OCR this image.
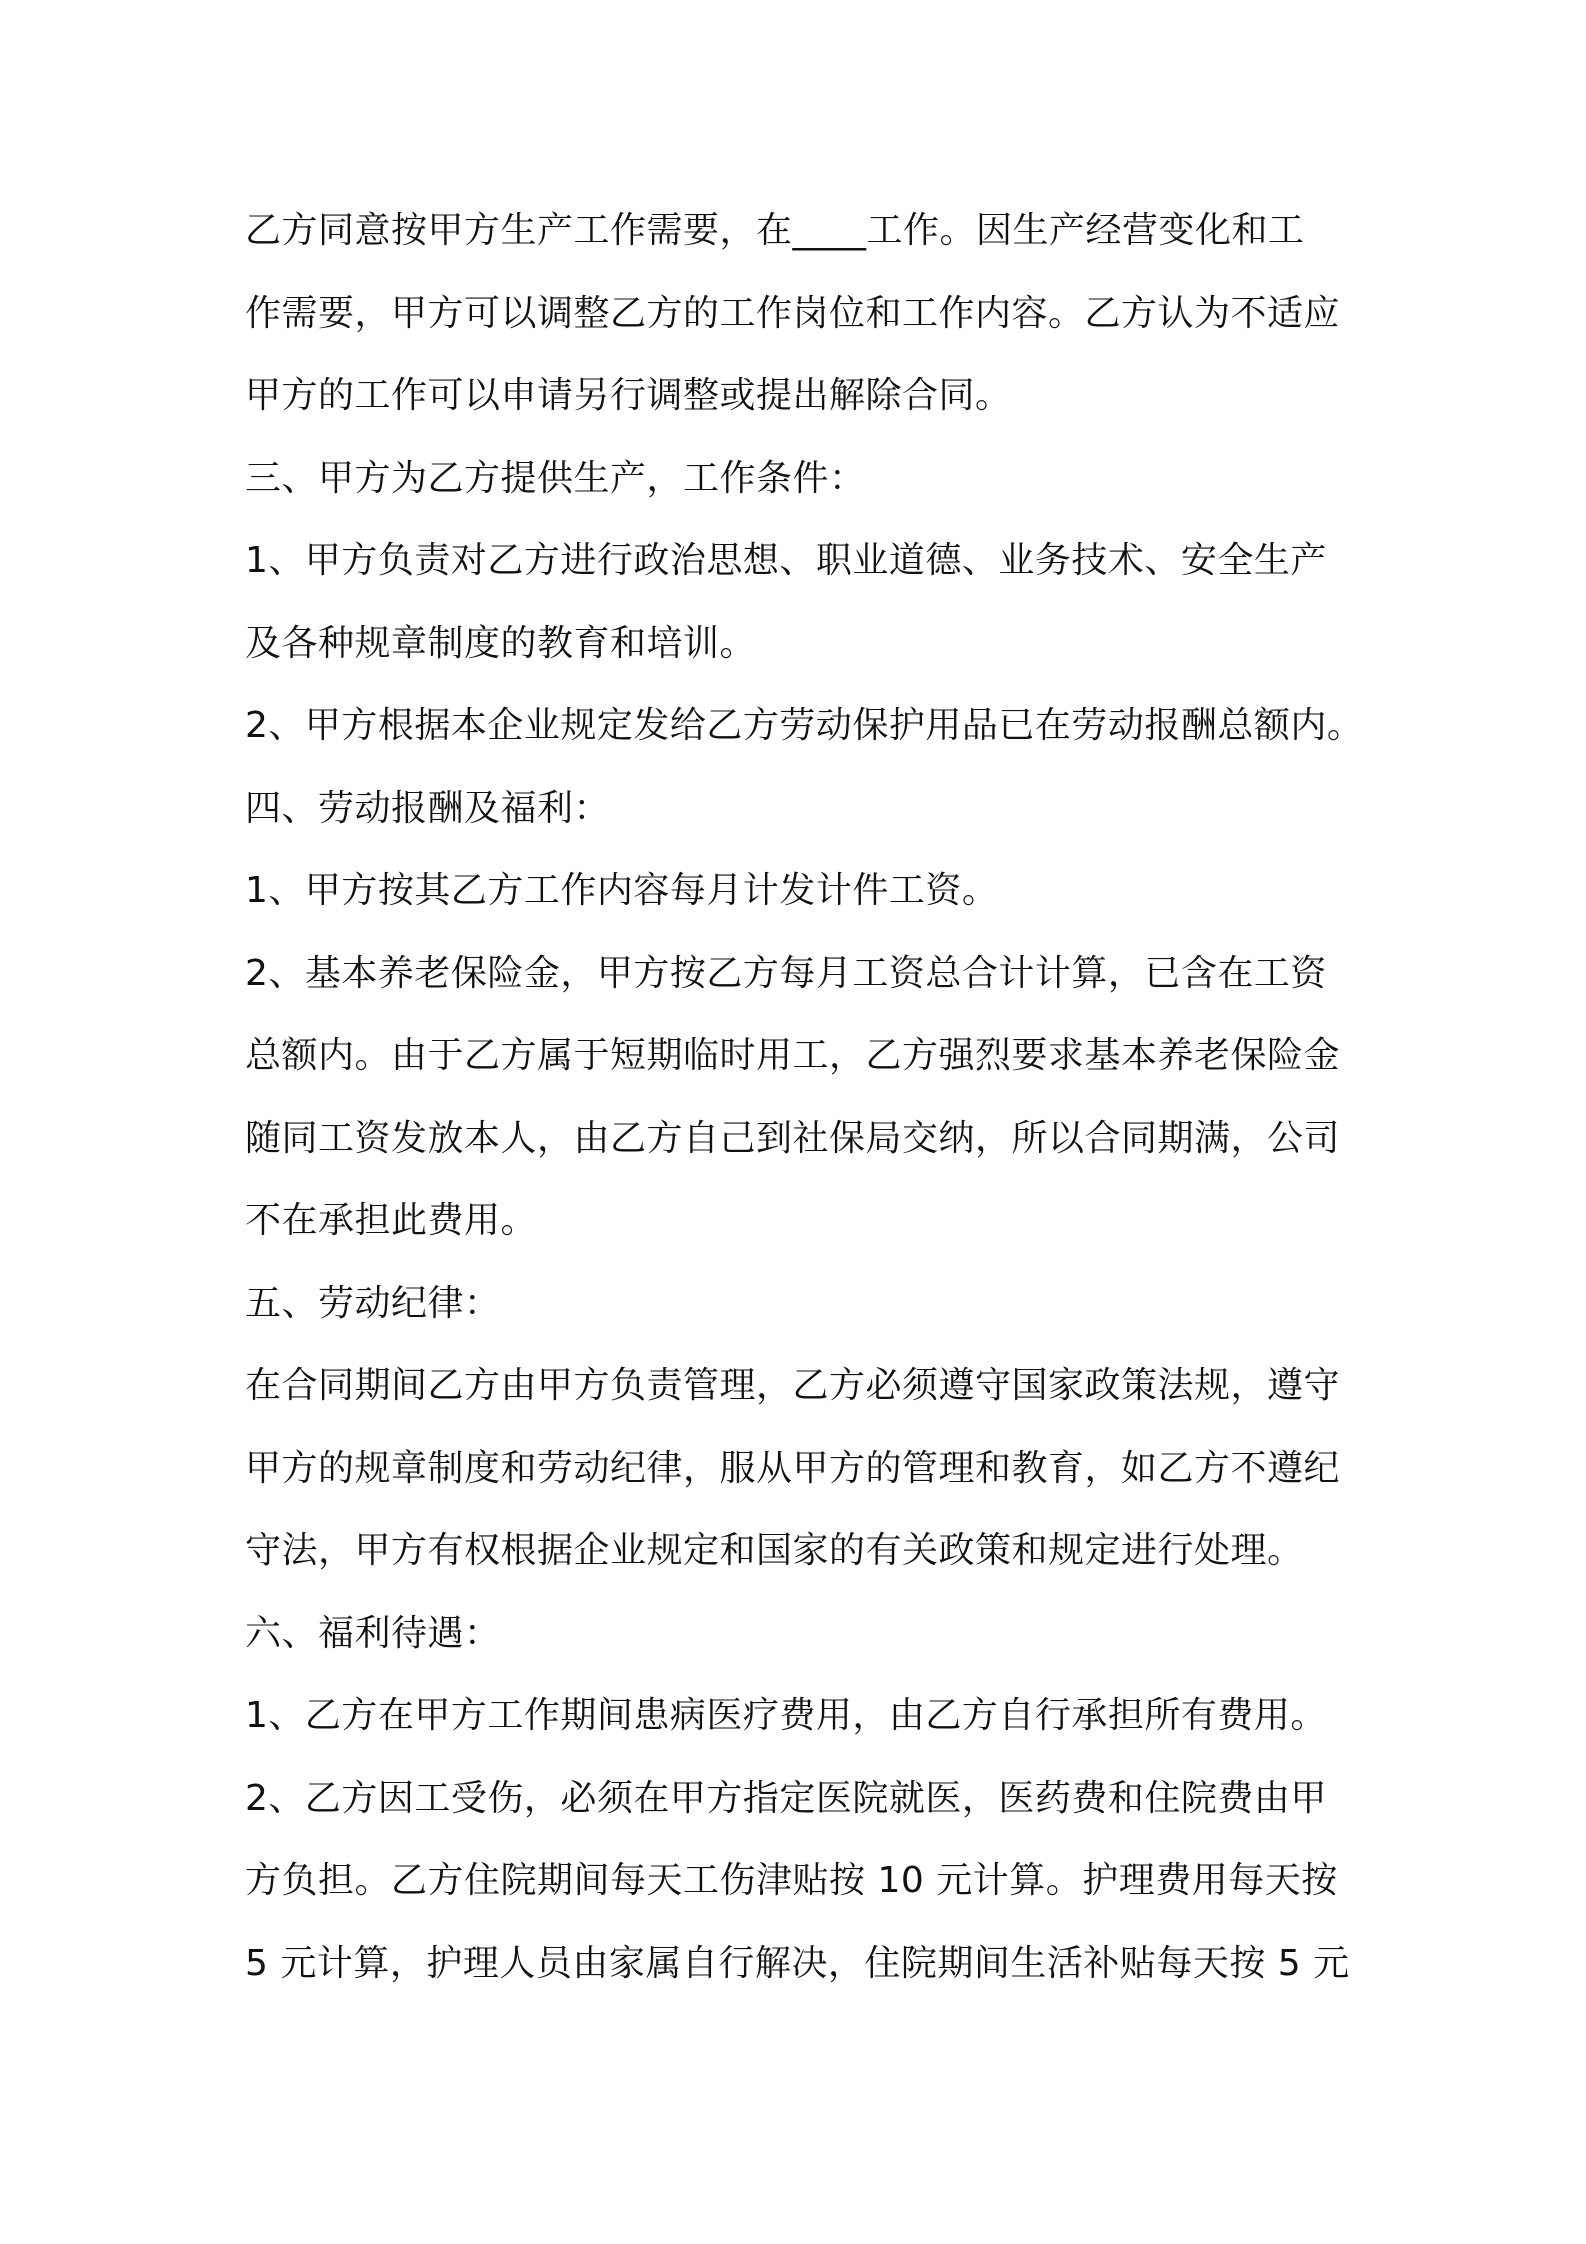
乙方同意按甲方生产工作需要，在____工作。因生产经营变化和工
作需要，甲方可以调整乙方的工作岗位和工作内容。乙方认为不适应
甲方的工作可以申请另行调整或提出解除合同。
三、甲方为乙方提供生产，工作条件：
1、甲方负责对乙方进行政治思想、职业道德、业务技术、安全生产
及各种规章制度的教育和培训。
2、甲方根据本企业规定发给乙方劳动保护用品已在劳动报酬总额内。
四、劳动报酬及福利：
1、甲方按其乙方工作内容每月计发计件工资。
2、基本养老保险金，甲方按乙方每月工资总合计计算，已含在工资
总额内。由于乙方属于短期临时用工，乙方强烈要求基本养老保险金
随同工资发放本人，由乙方自己到社保局交纳，所以合同期满，公司
不在承担此费用。
五、劳动纪律：
在合同期间乙方由甲方负责管理，乙方必须遵守国家政策法规，遵守
甲方的规章制度和劳动纪律，服从甲方的管理和教育，如乙方不遵纪
守法，甲方有权根据企业规定和国家的有关政策和规定进行处理。
六、福利待遇：
1、乙方在甲方工作期间患病医疗费用，由乙方自行承担所有费用。
2、乙方因工受伤，必须在甲方指定医院就医，医药费和住院费由甲
方负担。乙方住院期间每天工伤津贴按 10 元计算。护理费用每天按
5 元计算，护理人员由家属自行解决，住院期间生活补贴每天按 5 元
